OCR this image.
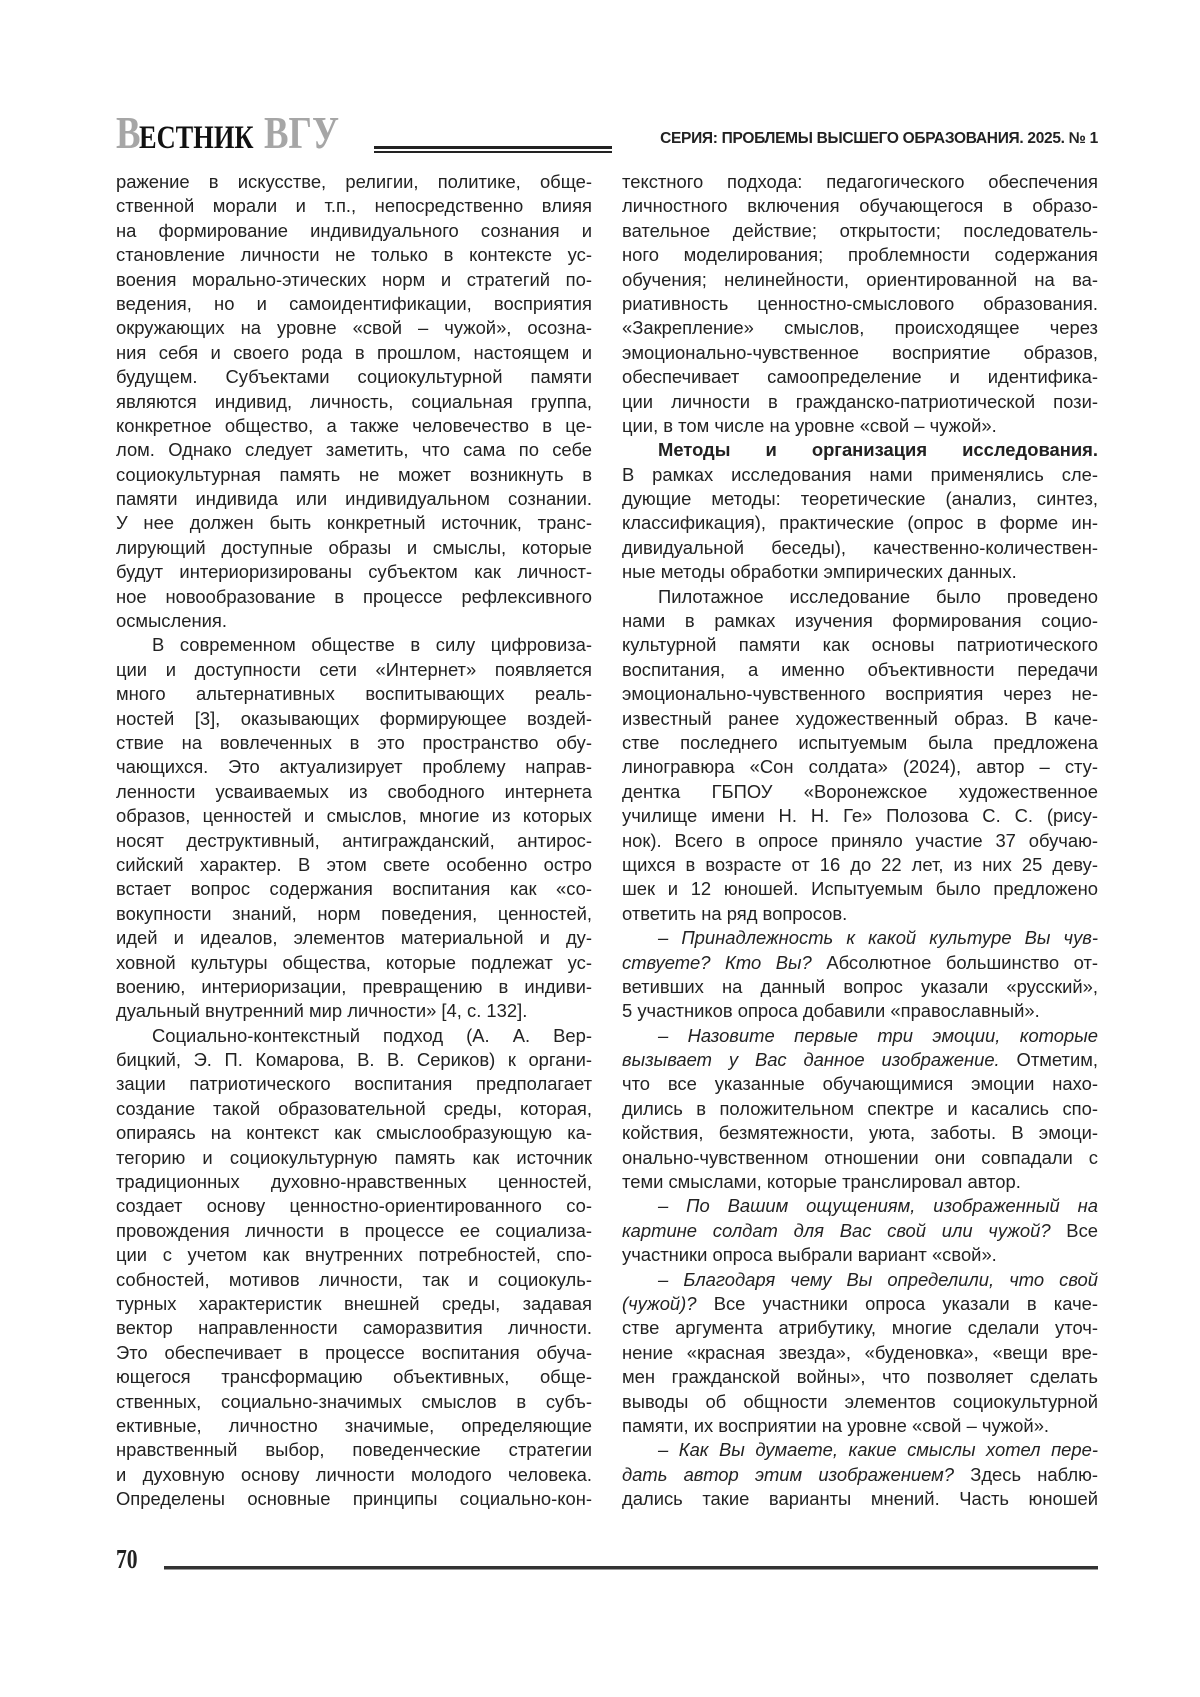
ВЕСТНИК ВГУ	СЕРИЯ: ПРОБЛЕМЫ ВЫСШЕГО ОБРАЗОВАНИЯ. 2025. № 1
ражение в искусстве, религии, политике, обще-
ственной морали и т.п., непосредственно влияя
на формирование индивидуального сознания и
становление личности не только в контексте ус-
воения морально-этических норм и стратегий по-
ведения, но и самоидентификации, восприятия
окружающих на уровне «свой – чужой», осозна-
ния себя и своего рода в прошлом, настоящем и
будущем. Субъектами социокультурной памяти
являются индивид, личность, социальная группа,
конкретное общество, а также человечество в це-
лом. Однако следует заметить, что сама по себе
социокультурная память не может возникнуть в
памяти индивида или индивидуальном сознании.
У нее должен быть конкретный источник, транс-
лирующий доступные образы и смыслы, которые
будут интериоризированы субъектом как личност-
ное новообразование в процессе рефлексивного
осмысления.
В современном обществе в силу цифровиза-
ции и доступности сети «Интернет» появляется
много альтернативных воспитывающих реаль-
ностей [3], оказывающих формирующее воздей-
ствие на вовлеченных в это пространство обу-
чающихся. Это актуализирует проблему направ-
ленности усваиваемых из свободного интернета
образов, ценностей и смыслов, многие из которых
носят деструктивный, антигражданский, антирос-
сийский характер. В этом свете особенно остро
встает вопрос содержания воспитания как «со-
вокупности знаний, норм поведения, ценностей,
идей и идеалов, элементов материальной и ду-
ховной культуры общества, которые подлежат ус-
воению, интериоризации, превращению в индиви-
дуальный внутренний мир личности» [4, с. 132].
Социально-контекстный подход (А. А. Вер-
бицкий, Э. П. Комарова, В. В. Сериков) к органи-
зации патриотического воспитания предполагает
создание такой образовательной среды, которая,
опираясь на контекст как смыслообразующую ка-
тегорию и социокультурную память как источник
традиционных духовно-нравственных ценностей,
создает основу ценностно-ориентированного со-
провождения личности в процессе ее социализа-
ции с учетом как внутренних потребностей, спо-
собностей, мотивов личности, так и социокуль-
турных характеристик внешней среды, задавая
вектор направленности саморазвития личности.
Это обеспечивает в процессе воспитания обуча-
ющегося трансформацию объективных, обще-
ственных, социально-значимых смыслов в субъ-
ективные, личностно значимые, определяющие
нравственный выбор, поведенческие стратегии
и духовную основу личности молодого человека.
Определены основные принципы социально-кон-
текстного подхода: педагогического обеспечения
личностного включения обучающегося в образо-
вательное действие; открытости; последователь-
ного моделирования; проблемности содержания
обучения; нелинейности, ориентированной на ва-
риативность ценностно-смыслового образования.
«Закрепление» смыслов, происходящее через
эмоционально-чувственное восприятие образов,
обеспечивает самоопределение и идентифика-
ции личности в гражданско-патриотической пози-
ции, в том числе на уровне «свой – чужой».
Методы и организация исследования.
В рамках исследования нами применялись сле-
дующие методы: теоретические (анализ, синтез,
классификация), практические (опрос в форме ин-
дивидуальной беседы), качественно-количествен-
ные методы обработки эмпирических данных.
Пилотажное исследование было проведено
нами в рамках изучения формирования социо-
культурной памяти как основы патриотического
воспитания, а именно объективности передачи
эмоционально-чувственного восприятия через не-
известный ранее художественный образ. В каче-
стве последнего испытуемым была предложена
линогравюра «Сон солдата» (2024), автор – сту-
дентка ГБПОУ «Воронежское художественное
училище имени Н. Н. Ге» Полозова С. С. (рису-
нок). Всего в опросе приняло участие 37 обучаю-
щихся в возрасте от 16 до 22 лет, из них 25 деву-
шек и 12 юношей. Испытуемым было предложено
ответить на ряд вопросов.
– Принадлежность к какой культуре Вы чув-
ствуете? Кто Вы? Абсолютное большинство от-
ветивших на данный вопрос указали «русский»,
5 участников опроса добавили «православный».
– Назовите первые три эмоции, которые
вызывает у Вас данное изображение. Отметим,
что все указанные обучающимися эмоции нахо-
дились в положительном спектре и касались спо-
койствия, безмятежности, уюта, заботы. В эмоци-
онально-чувственном отношении они совпадали с
теми смыслами, которые транслировал автор.
– По Вашим ощущениям, изображенный на
картине солдат для Вас свой или чужой? Все
участники опроса выбрали вариант «свой».
– Благодаря чему Вы определили, что свой
(чужой)? Все участники опроса указали в каче-
стве аргумента атрибутику, многие сделали уточ-
нение «красная звезда», «буденовка», «вещи вре-
мен гражданской войны», что позволяет сделать
выводы об общности элементов социокультурной
памяти, их восприятии на уровне «свой – чужой».
– Как Вы думаете, какие смыслы хотел пере-
дать автор этим изображением? Здесь наблю-
дались такие варианты мнений. Часть юношей
70
